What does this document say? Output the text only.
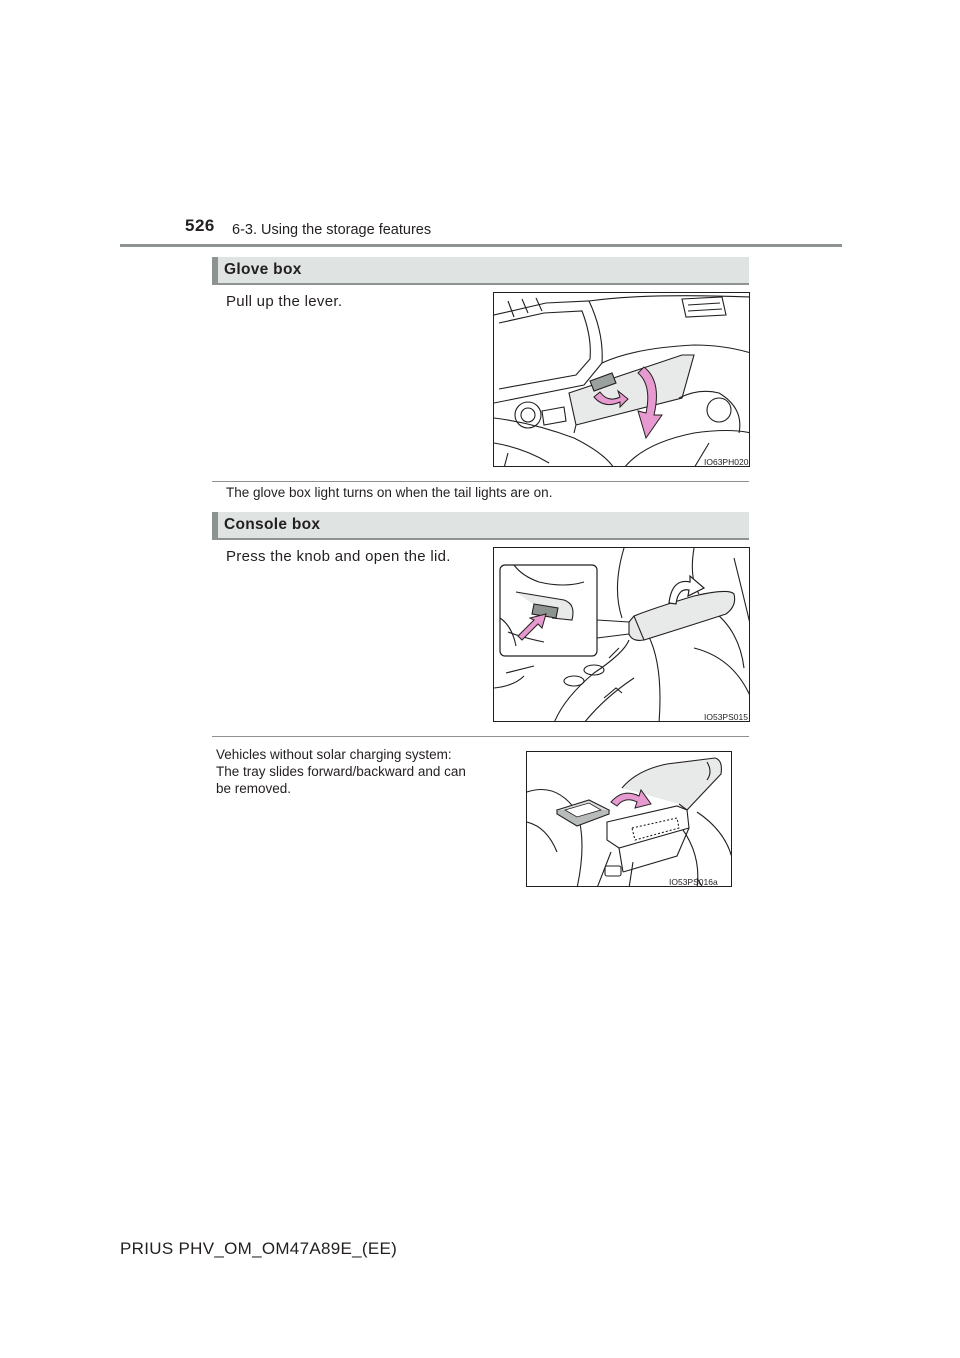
526 6-3. Using the storage features
Glove box
Pull up the lever.
IO63PH020
The glove box light turns on when the tail lights are on.
Console box
Press the knob and open the lid.
IO53PS015
Vehicles without solar charging system:
The tray slides forward/backward and can
be removed.
IO53PS016a
PRIUS PHV_OM_OM47A89E_(EE)
